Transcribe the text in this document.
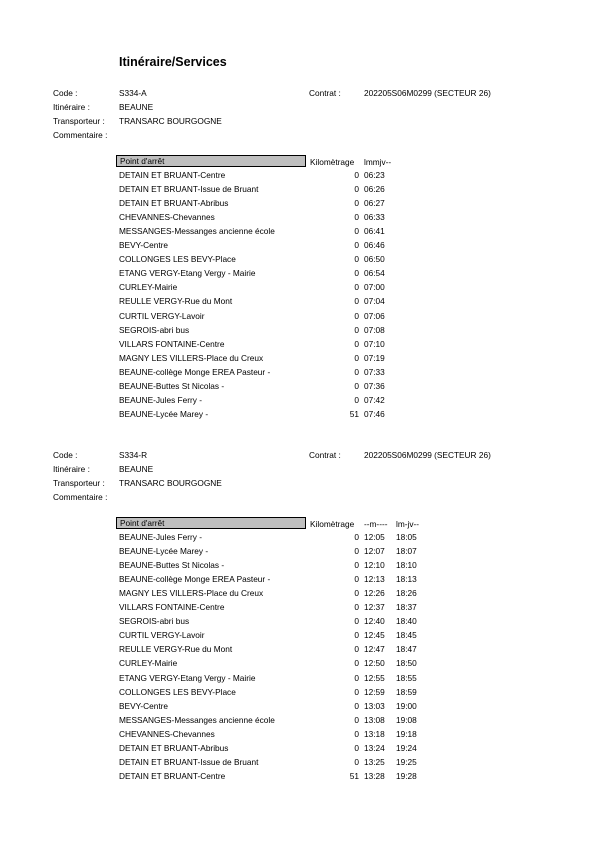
Itinéraire/Services
Code :	S334-A	Contrat :	202205S06M0299 (SECTEUR 26)
Itinéraire :	BEAUNE
Transporteur : TRANSARC BOURGOGNE
Commentaire :
Point d'arrêt	Kilomètrage lmmjv--
DETAIN ET BRUANT-Centre	0 06:23
DETAIN ET BRUANT-Issue de Bruant	0 06:26
DETAIN ET BRUANT-Abribus	0 06:27
CHEVANNES-Chevannes	0 06:33
MESSANGES-Messanges ancienne école	0 06:41
BEVY-Centre	0 06:46
COLLONGES LES BEVY-Place	0 06:50
ETANG VERGY-Etang Vergy - Mairie	0 06:54
CURLEY-Mairie	0 07:00
REULLE VERGY-Rue du Mont	0 07:04
CURTIL VERGY-Lavoir	0 07:06
SEGROIS-abri bus	0 07:08
VILLARS FONTAINE-Centre	0 07:10
MAGNY LES VILLERS-Place du Creux	0 07:19
BEAUNE-collège Monge EREA Pasteur -	0 07:33
BEAUNE-Buttes St Nicolas -	0 07:36
BEAUNE-Jules Ferry -	0 07:42
BEAUNE-Lycée Marey -	51 07:46
Code :	S334-R	Contrat :	202205S06M0299 (SECTEUR 26)
Itinéraire :	BEAUNE
Transporteur : TRANSARC BOURGOGNE
Commentaire :
Point d'arrêt	Kilomètrage --m---- lm-jv--
BEAUNE-Jules Ferry -	0 12:05 18:05
BEAUNE-Lycée Marey -	0 12:07 18:07
BEAUNE-Buttes St Nicolas -	0 12:10 18:10
BEAUNE-collège Monge EREA Pasteur -	0 12:13 18:13
MAGNY LES VILLERS-Place du Creux	0 12:26 18:26
VILLARS FONTAINE-Centre	0 12:37 18:37
SEGROIS-abri bus	0 12:40 18:40
CURTIL VERGY-Lavoir	0 12:45 18:45
REULLE VERGY-Rue du Mont	0 12:47 18:47
CURLEY-Mairie	0 12:50 18:50
ETANG VERGY-Etang Vergy - Mairie	0 12:55 18:55
COLLONGES LES BEVY-Place	0 12:59 18:59
BEVY-Centre	0 13:03 19:00
MESSANGES-Messanges ancienne école	0 13:08 19:08
CHEVANNES-Chevannes	0 13:18 19:18
DETAIN ET BRUANT-Abribus	0 13:24 19:24
DETAIN ET BRUANT-Issue de Bruant	0 13:25 19:25
DETAIN ET BRUANT-Centre	51 13:28 19:28
